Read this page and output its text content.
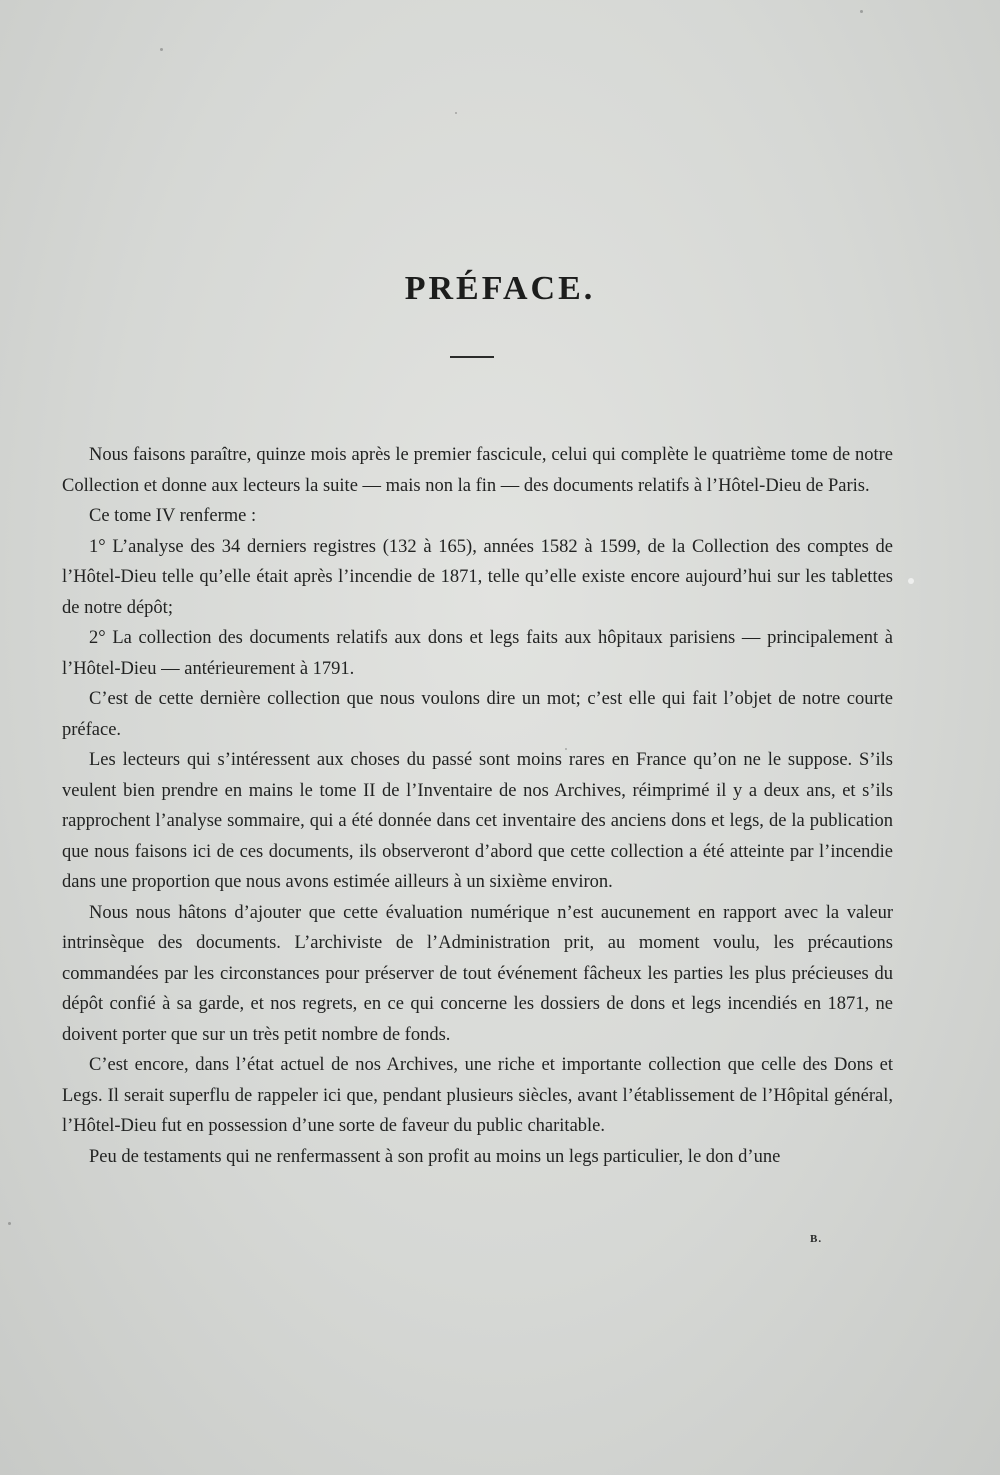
PRÉFACE.

Nous faisons paraître, quinze mois après le premier fascicule, celui qui complète le quatrième tome de notre Collection et donne aux lecteurs la suite — mais non la fin — des documents relatifs à l’Hôtel-Dieu de Paris.

Ce tome IV renferme :

1° L’analyse des 34 derniers registres (132 à 165), années 1582 à 1599, de la Collection des comptes de l’Hôtel-Dieu telle qu’elle était après l’incendie de 1871, telle qu’elle existe encore aujourd’hui sur les tablettes de notre dépôt;

2° La collection des documents relatifs aux dons et legs faits aux hôpitaux parisiens — principalement à l’Hôtel-Dieu — antérieurement à 1791.

C’est de cette dernière collection que nous voulons dire un mot; c’est elle qui fait l’objet de notre courte préface.

Les lecteurs qui s’intéressent aux choses du passé sont moins rares en France qu’on ne le suppose. S’ils veulent bien prendre en mains le tome II de l’Inventaire de nos Archives, réimprimé il y a deux ans, et s’ils rapprochent l’analyse sommaire, qui a été donnée dans cet inventaire des anciens dons et legs, de la publication que nous faisons ici de ces documents, ils observeront d’abord que cette collection a été atteinte par l’incendie dans une proportion que nous avons estimée ailleurs à un sixième environ.

Nous nous hâtons d’ajouter que cette évaluation numérique n’est aucunement en rapport avec la valeur intrinsèque des documents. L’archiviste de l’Administration prit, au moment voulu, les précautions commandées par les circonstances pour préserver de tout événement fâcheux les parties les plus précieuses du dépôt confié à sa garde, et nos regrets, en ce qui concerne les dossiers de dons et legs incendiés en 1871, ne doivent porter que sur un très petit nombre de fonds.

C’est encore, dans l’état actuel de nos Archives, une riche et importante collection que celle des Dons et Legs. Il serait superflu de rappeler ici que, pendant plusieurs siècles, avant l’établissement de l’Hôpital général, l’Hôtel-Dieu fut en possession d’une sorte de faveur du public charitable.

Peu de testaments qui ne renfermassent à son profit au moins un legs particulier, le don d’une

B.
